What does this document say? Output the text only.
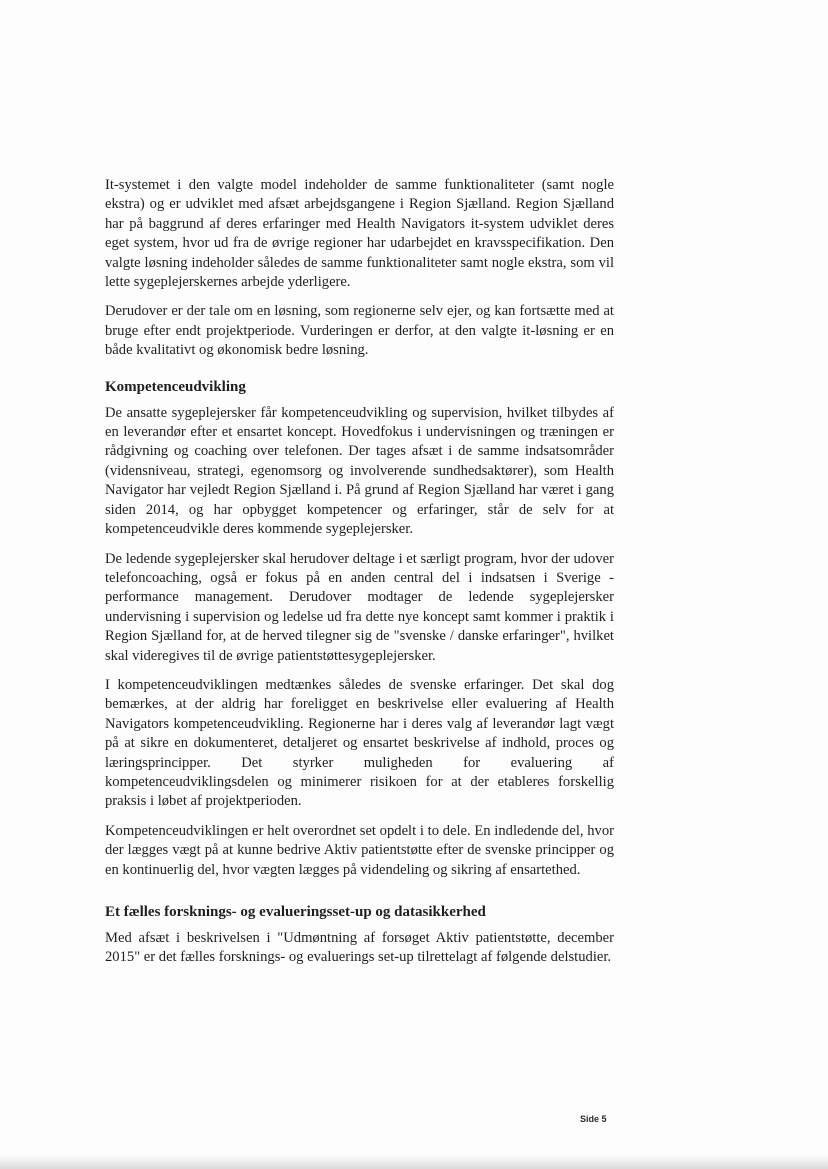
It-systemet i den valgte model indeholder de samme funktionaliteter (samt nogle ekstra) og er udviklet med afsæt arbejdsgangene i Region Sjælland. Region Sjælland har på baggrund af deres erfaringer med Health Navigators it-system udviklet deres eget system, hvor ud fra de øvrige regioner har udarbejdet en kravsspecifikation. Den valgte løsning indeholder således de samme funktionaliteter samt nogle ekstra, som vil lette sygeplejerskernes arbejde yderligere.

Derudover er der tale om en løsning, som regionerne selv ejer, og kan fortsætte med at bruge efter endt projektperiode. Vurderingen er derfor, at den valgte it-løsning er en både kvalitativt og økonomisk bedre løsning.

Kompetenceudvikling

De ansatte sygeplejersker får kompetenceudvikling og supervision, hvilket tilbydes af en leverandør efter et ensartet koncept. Hovedfokus i undervisningen og træningen er rådgivning og coaching over telefonen. Der tages afsæt i de samme indsatsområder (vidensniveau, strategi, egenomsorg og involverende sundhedsaktører), som Health Navigator har vejledt Region Sjælland i. På grund af Region Sjælland har været i gang siden 2014, og har opbygget kompetencer og erfaringer, står de selv for at kompetenceudvikle deres kommende sygeplejersker.

De ledende sygeplejersker skal herudover deltage i et særligt program, hvor der udover telefoncoaching, også er fokus på en anden central del i indsatsen i Sverige - performance management. Derudover modtager de ledende sygeplejersker undervisning i supervision og ledelse ud fra dette nye koncept samt kommer i praktik i Region Sjælland for, at de herved tilegner sig de "svenske / danske erfaringer", hvilket skal videregives til de øvrige patientstøttesygeplejersker.

I kompetenceudviklingen medtænkes således de svenske erfaringer. Det skal dog bemærkes, at der aldrig har foreligget en beskrivelse eller evaluering af Health Navigators kompetenceudvikling. Regionerne har i deres valg af leverandør lagt vægt på at sikre en dokumenteret, detaljeret og ensartet beskrivelse af indhold, proces og læringsprincipper. Det styrker muligheden for evaluering af kompetenceudviklingsdelen og minimerer risikoen for at der etableres forskellig praksis i løbet af projektperioden.

Kompetenceudviklingen er helt overordnet set opdelt i to dele. En indledende del, hvor der lægges vægt på at kunne bedrive Aktiv patientstøtte efter de svenske principper og en kontinuerlig del, hvor vægten lægges på videndeling og sikring af ensartethed.

Et fælles forsknings- og evalueringsset-up og datasikkerhed

Med afsæt i beskrivelsen i "Udmøntning af forsøget Aktiv patientstøtte, december 2015" er det fælles forsknings- og evaluerings set-up tilrettelagt af følgende delstudier.

Side 5
